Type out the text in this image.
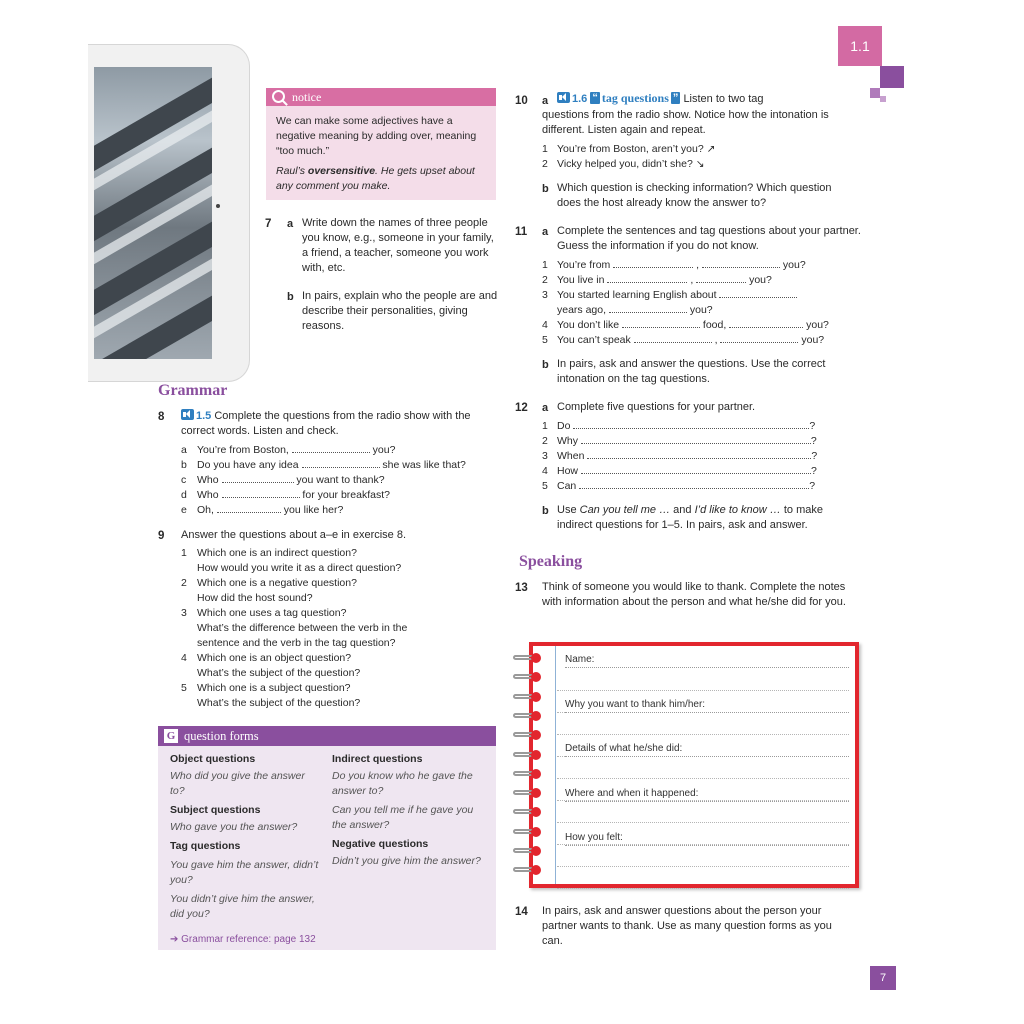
1.1
notice

We can make some adjectives have a negative meaning by adding over, meaning “too much.”

Raul’s oversensitive. He gets upset about any comment you make.

7 a Write down the names of three people you know, e.g., someone in your family, a friend, a teacher, someone you work with, etc.
b In pairs, explain who the people are and describe their personalities, giving reasons.
Grammar
8	1.5 Complete the questions from the radio show with the correct words. Listen and check.
a You’re from Boston,	you?
b Do you have any idea	she was like that?
c Who	you want to thank?
d Who	for your breakfast?
e Oh,	you like her?
9 Answer the questions about a–e in exercise 8.
1 Which one is an indirect question?
How would you write it as a direct question?
2 Which one is a negative question?
How did the host sound?
3 Which one uses a tag question?
What’s the difference between the verb in the
sentence and the verb in the tag question?
4 Which one is an object question?
What’s the subject of the question?
5 Which one is a subject question?
What’s the subject of the question?
G question forms
Object questions
Who did you give the answer to?
Subject questions
Who gave you the answer?
Tag questions
You gave him the answer, didn’t you?
You didn’t give him the answer, did you?
Indirect questions
Do you know who he gave the answer to?
Can you tell me if he gave you the answer?
Negative questions
Didn’t you give him the answer?
➔ Grammar reference: page 132
10 a	1.6 “ tag questions ” Listen to two tag
questions from the radio show. Notice how the intonation is different. Listen again and repeat.
1 You’re from Boston, aren’t you? ↗
2 Vicky helped you, didn’t she? ↘
b Which question is checking information? Which question does the host already know the answer to?
11 a Complete the sentences and tag questions about your partner. Guess the information if you do not know.
1 You’re from	,	you?
2 You live in	,	you?
3 You started learning English about
years ago,	you?
4 You don’t like	food,	you?
5 You can’t speak	,	you?
b In pairs, ask and answer the questions. Use the correct intonation on the tag questions.
12 a Complete five questions for your partner.
1 Do	?
2 Why	?
3 When	?
4 How	?
5 Can	?
b Use Can you tell me … and I’d like to know … to make indirect questions for 1–5. In pairs, ask and answer.
Speaking
13 Think of someone you would like to thank. Complete the notes with information about the person and what he/she did for you.
Name:
Why you want to thank him/her:
Details of what he/she did:
Where and when it happened:
How you felt:
14 In pairs, ask and answer questions about the person your partner wants to thank. Use as many question forms as you can.
7
